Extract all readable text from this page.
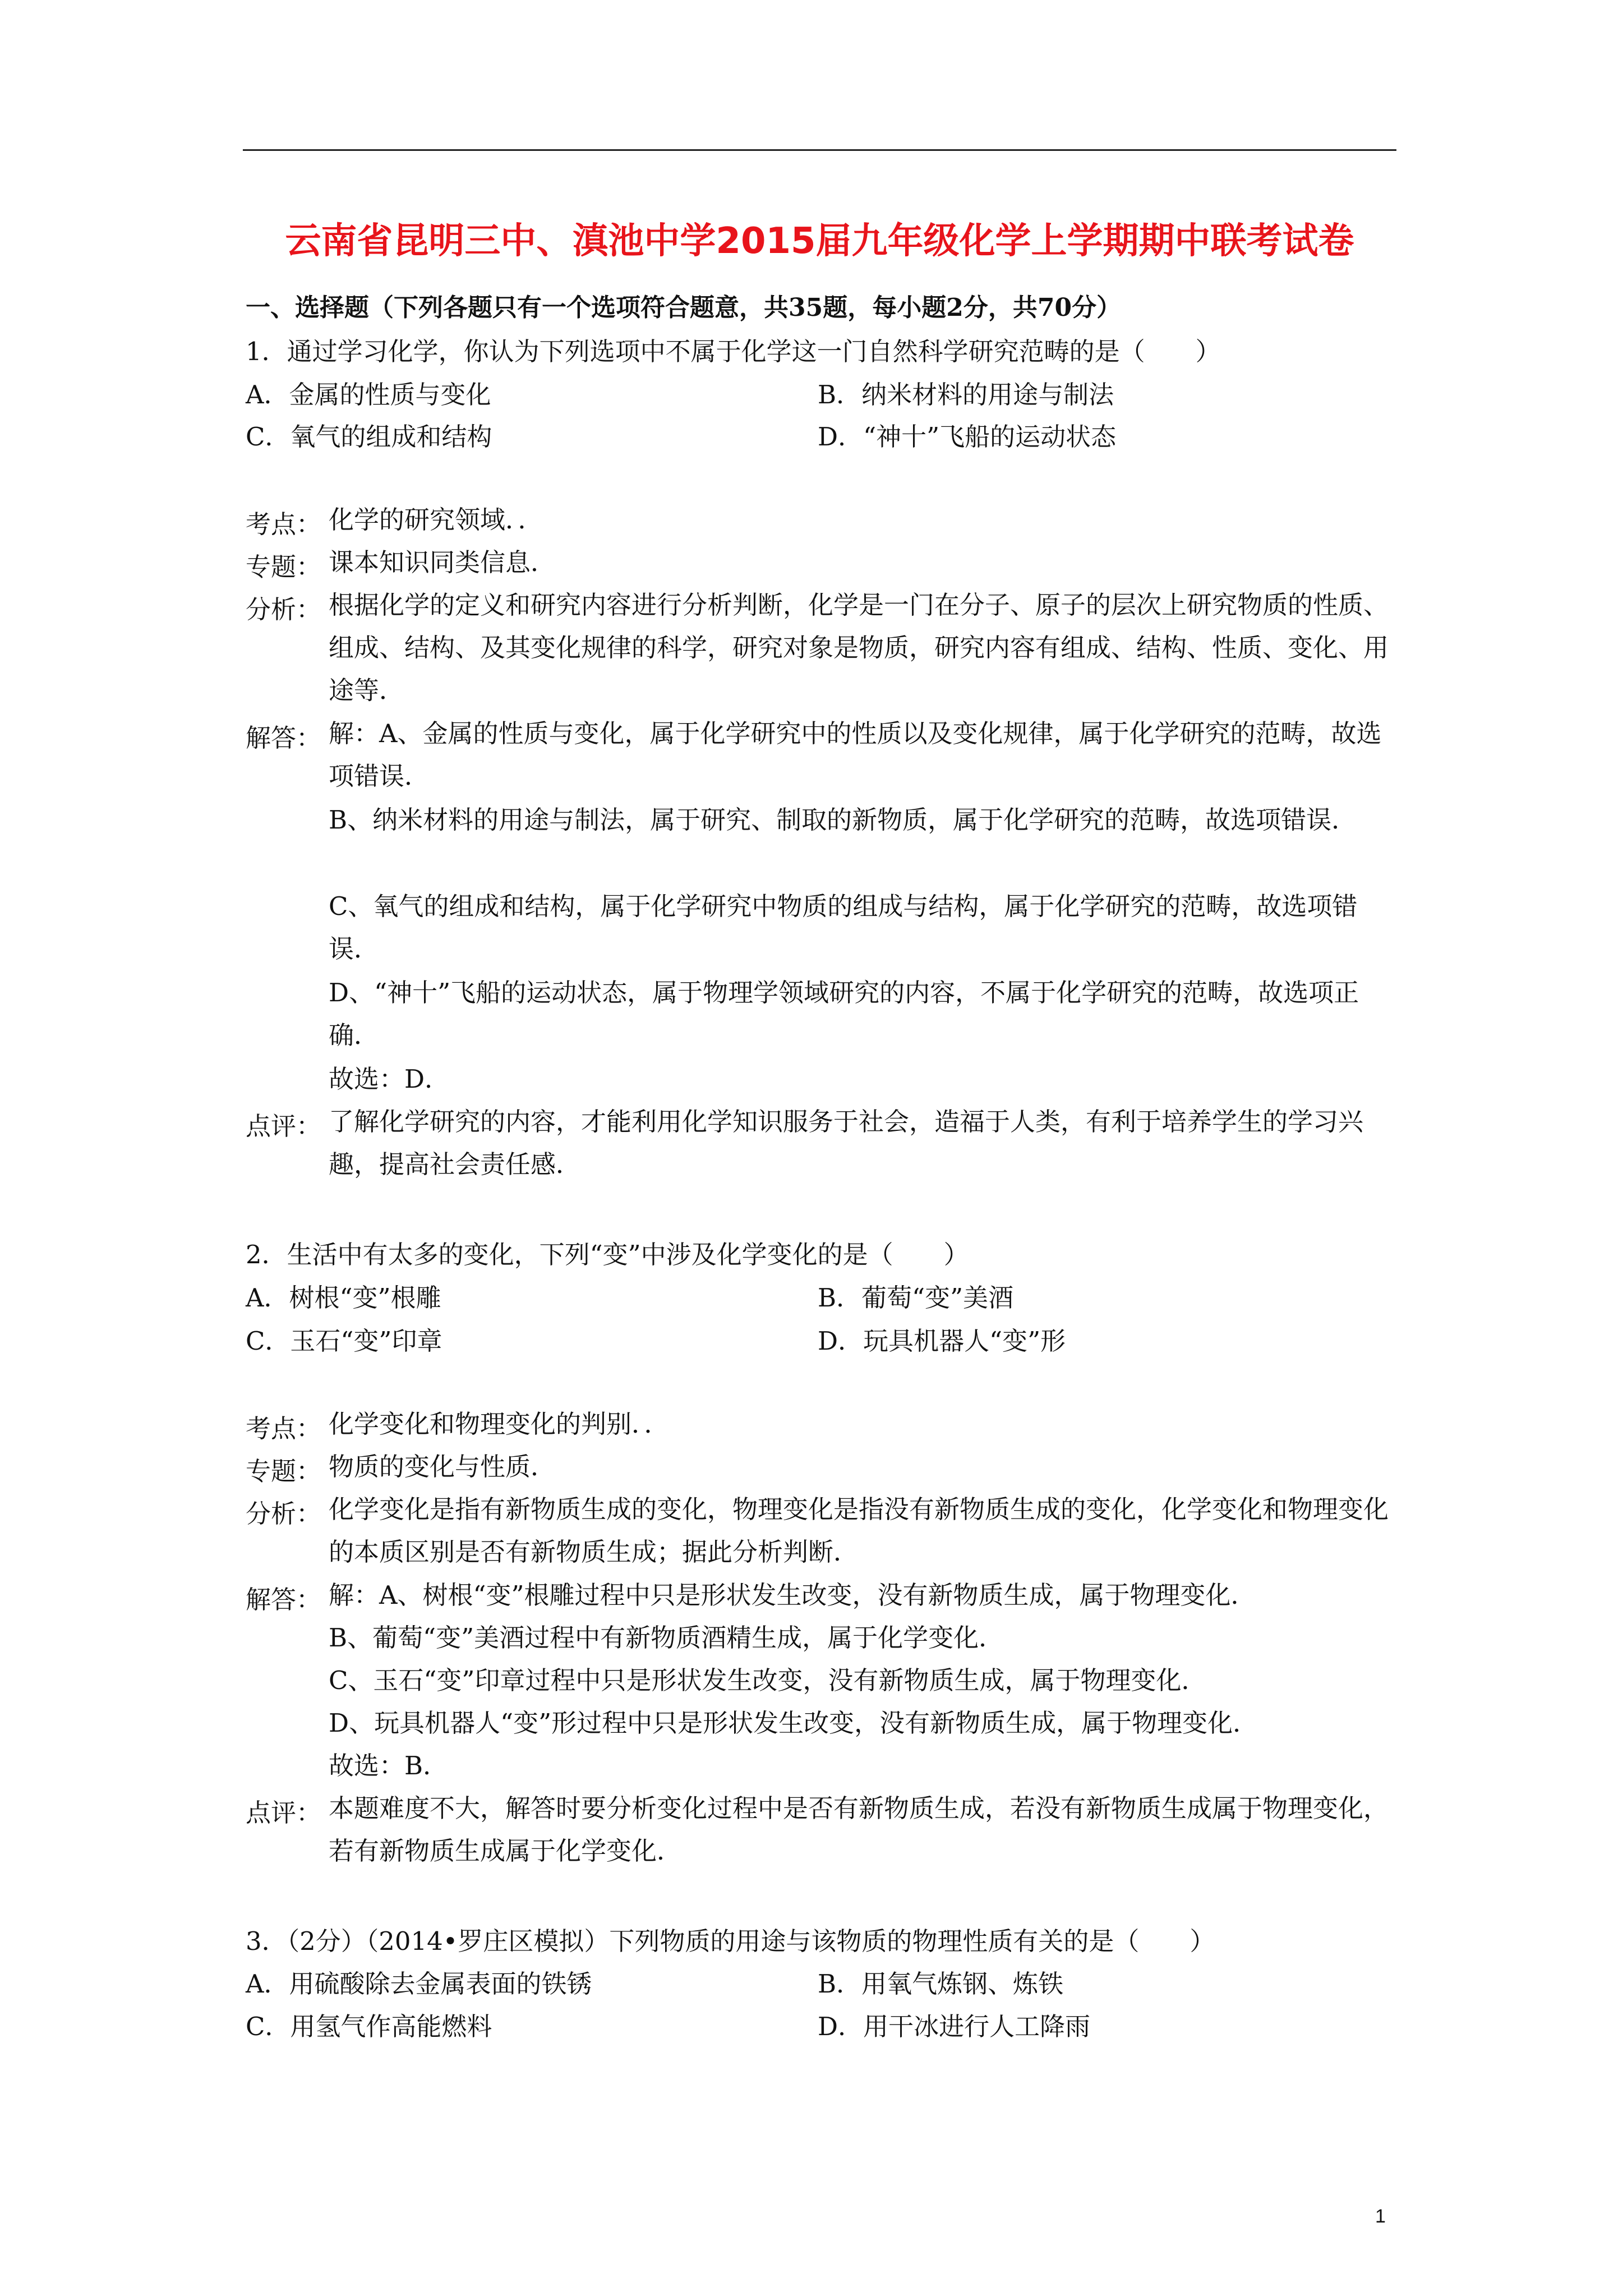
云南省昆明三中、滇池中学2015届九年级化学上学期期中联考试卷
一、选择题（下列各题只有一个选项符合题意，共35题，每小题2分，共70分）
1．通过学习化学，你认为下列选项中不属于化学这一门自然科学研究范畴的是（　　）
A．金属的性质与变化	B．纳米材料的用途与制法
C．氧气的组成和结构	D．“神十”飞船的运动状态
考点： 化学的研究领域．．
专题： 课本知识同类信息．
分析： 根据化学的定义和研究内容进行分析判断，化学是一门在分子、原子的层次上研究物质的性质、组成、结构、及其变化规律的科学，研究对象是物质，研究内容有组成、结构、性质、变化、用途等．
解答： 解：A、金属的性质与变化，属于化学研究中的性质以及变化规律，属于化学研究的范畴，故选项错误．
B、纳米材料的用途与制法，属于研究、制取的新物质，属于化学研究的范畴，故选项错误．
C、氧气的组成和结构，属于化学研究中物质的组成与结构，属于化学研究的范畴，故选项错误．
D、“神十”飞船的运动状态，属于物理学领域研究的内容，不属于化学研究的范畴，故选项正确．
故选：D．
点评： 了解化学研究的内容，才能利用化学知识服务于社会，造福于人类，有利于培养学生的学习兴趣，提高社会责任感．
2．生活中有太多的变化，下列“变”中涉及化学变化的是（　　）
A．树根“变”根雕	B．葡萄“变”美酒
C．玉石“变”印章	D．玩具机器人“变”形
考点： 化学变化和物理变化的判别．．
专题： 物质的变化与性质．
分析： 化学变化是指有新物质生成的变化，物理变化是指没有新物质生成的变化，化学变化和物理变化的本质区别是否有新物质生成；据此分析判断．
解答： 解：A、树根“变”根雕过程中只是形状发生改变，没有新物质生成，属于物理变化．
B、葡萄“变”美酒过程中有新物质酒精生成，属于化学变化．
C、玉石“变”印章过程中只是形状发生改变，没有新物质生成，属于物理变化．
D、玩具机器人“变”形过程中只是形状发生改变，没有新物质生成，属于物理变化．
故选：B．
点评： 本题难度不大，解答时要分析变化过程中是否有新物质生成，若没有新物质生成属于物理变化，若有新物质生成属于化学变化．
3．（2分）（2014•罗庄区模拟）下列物质的用途与该物质的物理性质有关的是（　　）
A．用硫酸除去金属表面的铁锈	B．用氧气炼钢、炼铁
C．用氢气作高能燃料	D．用干冰进行人工降雨
1
